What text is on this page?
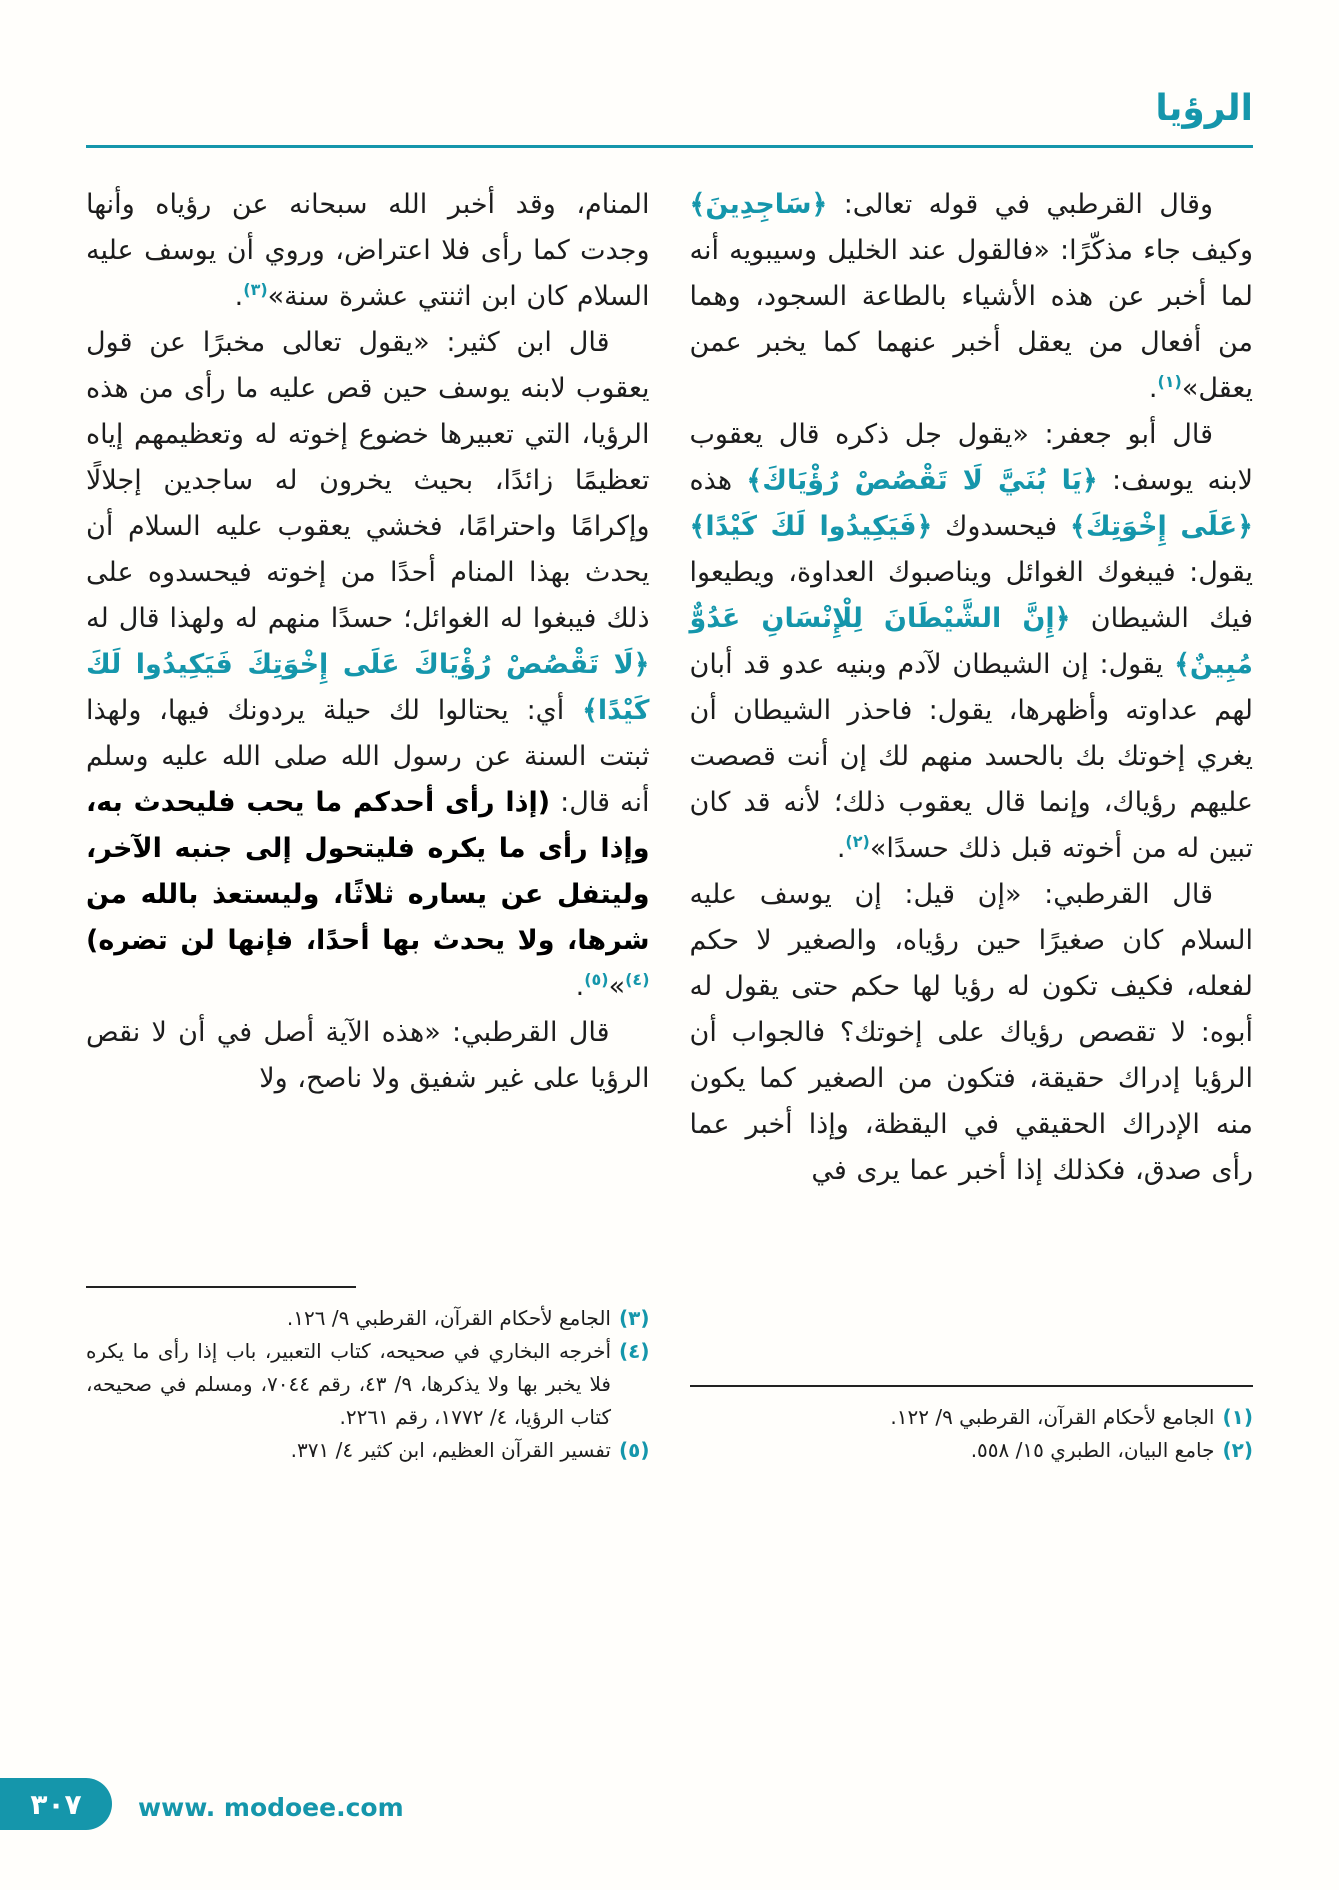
الرؤيا

وقال القرطبي في قوله تعالى: ﴿سَاجِدِينَ﴾ وكيف جاء مذكّرًا: «فالقول عند الخليل وسيبويه أنه لما أخبر عن هذه الأشياء بالطاعة السجود، وهما من أفعال من يعقل أخبر عنهما كما يخبر عمن يعقل»$^{(١)}$.

قال أبو جعفر: «يقول جل ذكره قال يعقوب لابنه يوسف: ﴿يَا بُنَيَّ لَا تَقْصُصْ رُؤْيَاكَ﴾ هذه ﴿عَلَى إِخْوَتِكَ﴾ فيحسدوك ﴿فَيَكِيدُوا لَكَ كَيْدًا﴾ يقول: فيبغوك الغوائل ويناصبوك العداوة، ويطيعوا فيك الشيطان ﴿إِنَّ الشَّيْطَانَ لِلْإِنْسَانِ عَدُوٌّ مُبِينٌ﴾ يقول: إن الشيطان لآدم وبنيه عدو قد أبان لهم عداوته وأظهرها، يقول: فاحذر الشيطان أن يغري إخوتك بك بالحسد منهم لك إن أنت قصصت عليهم رؤياك، وإنما قال يعقوب ذلك؛ لأنه قد كان تبين له من أخوته قبل ذلك حسدًا»$^{(٢)}$.

قال القرطبي: «إن قيل: إن يوسف عليه السلام كان صغيرًا حين رؤياه، والصغير لا حكم لفعله، فكيف تكون له رؤيا لها حكم حتى يقول له أبوه: لا تقصص رؤياك على إخوتك؟ فالجواب أن الرؤيا إدراك حقيقة، فتكون من الصغير كما يكون منه الإدراك الحقيقي في اليقظة، وإذا أخبر عما رأى صدق، فكذلك إذا أخبر عما يرى في

(١)
الجامع لأحكام القرآن، القرطبي ٩/ ١٢٢.
(٢)
جامع البيان، الطبري ١٥/ ٥٥٨.

المنام، وقد أخبر الله سبحانه عن رؤياه وأنها وجدت كما رأى فلا اعتراض، وروي أن يوسف عليه السلام كان ابن اثنتي عشرة سنة»$^{(٣)}$.

قال ابن كثير: «يقول تعالى مخبرًا عن قول يعقوب لابنه يوسف حين قص عليه ما رأى من هذه الرؤيا، التي تعبيرها خضوع إخوته له وتعظيمهم إياه تعظيمًا زائدًا، بحيث يخرون له ساجدين إجلالًا وإكرامًا واحترامًا، فخشي يعقوب عليه السلام أن يحدث بهذا المنام أحدًا من إخوته فيحسدوه على ذلك فيبغوا له الغوائل؛ حسدًا منهم له ولهذا قال له ﴿لَا تَقْصُصْ رُؤْيَاكَ عَلَى إِخْوَتِكَ فَيَكِيدُوا لَكَ كَيْدًا﴾ أي: يحتالوا لك حيلة يردونك فيها، ولهذا ثبتت السنة عن رسول الله صلى الله عليه وسلم أنه قال: (إذا رأى أحدكم ما يحب فليحدث به، وإذا رأى ما يكره فليتحول إلى جنبه الآخر، وليتفل عن يساره ثلاثًا، وليستعذ بالله من شرها، ولا يحدث بها أحدًا، فإنها لن تضره)$^{(٤)}$»$^{(٥)}$.

قال القرطبي: «هذه الآية أصل في أن لا نقص الرؤيا على غير شفيق ولا ناصح، ولا

(٣)
الجامع لأحكام القرآن، القرطبي ٩/ ١٢٦.
(٤)
أخرجه البخاري في صحيحه، كتاب التعبير، باب إذا رأى ما يكره فلا يخبر بها ولا يذكرها، ٩/ ٤٣، رقم ٧٠٤٤، ومسلم في صحيحه، كتاب الرؤيا، ٤/ ١٧٧٢، رقم ٢٢٦١.
(٥)
تفسير القرآن العظيم، ابن كثير ٤/ ٣٧١.
٣٠٧ www. modoee.com
